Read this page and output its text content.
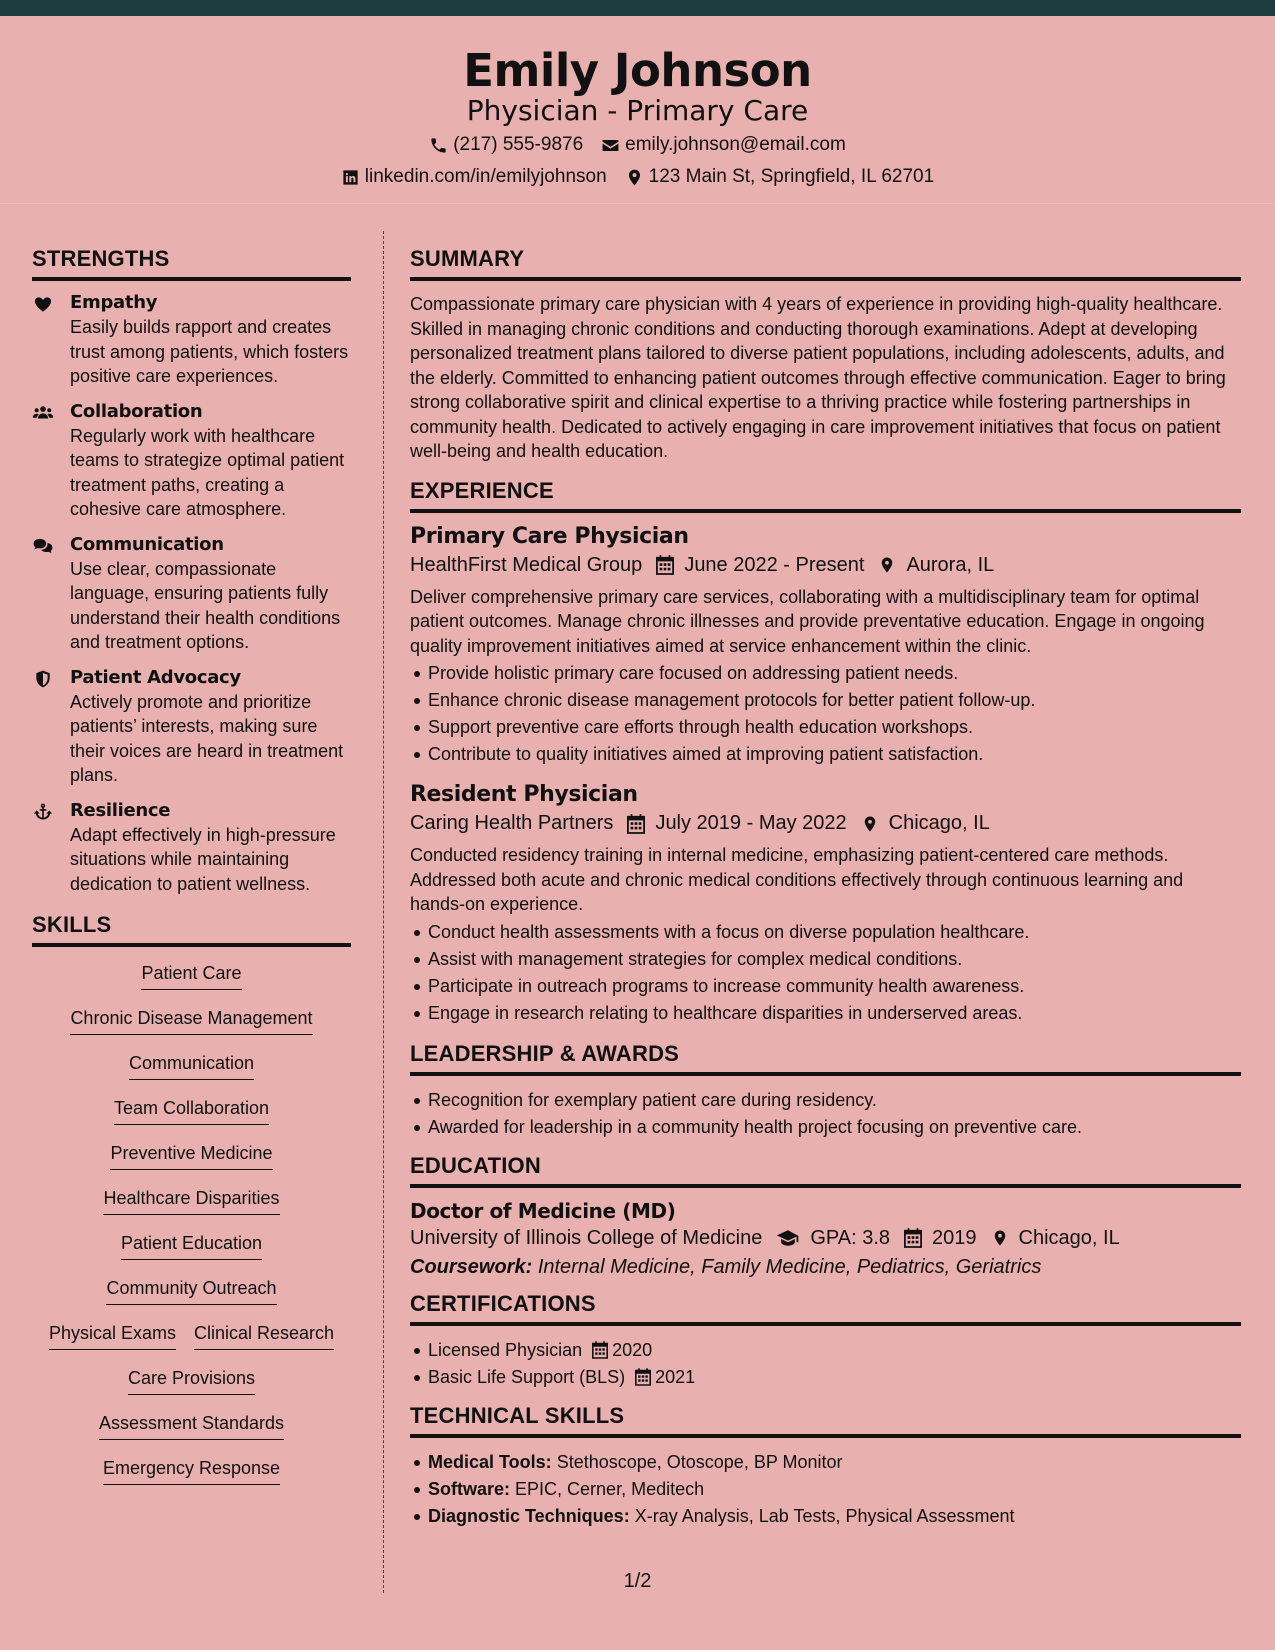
Emily Johnson
Physician - Primary Care
(217) 555-9876 emily.johnson@email.com
linkedin.com/in/emilyjohnson 123 Main St, Springfield, IL 62701
STRENGTHS
Empathy
Easily builds rapport and creates trust among patients, which fosters positive care experiences.
Collaboration
Regularly work with healthcare teams to strategize optimal patient treatment paths, creating a cohesive care atmosphere.
Communication
Use clear, compassionate language, ensuring patients fully understand their health conditions and treatment options.
Patient Advocacy
Actively promote and prioritize patients’ interests, making sure their voices are heard in treatment plans.
Resilience
Adapt effectively in high-pressure situations while maintaining dedication to patient wellness.
SKILLS
Patient Care
Chronic Disease Management
Communication
Team Collaboration
Preventive Medicine
Healthcare Disparities
Patient Education
Community Outreach
Physical Exams Clinical Research
Care Provisions
Assessment Standards
Emergency Response
SUMMARY
Compassionate primary care physician with 4 years of experience in providing high-quality healthcare. Skilled in managing chronic conditions and conducting thorough examinations. Adept at developing personalized treatment plans tailored to diverse patient populations, including adolescents, adults, and the elderly. Committed to enhancing patient outcomes through effective communication. Eager to bring strong collaborative spirit and clinical expertise to a thriving practice while fostering partnerships in community health. Dedicated to actively engaging in care improvement initiatives that focus on patient well-being and health education.
EXPERIENCE
Primary Care Physician
HealthFirst Medical Group June 2022 - Present Aurora, IL
Deliver comprehensive primary care services, collaborating with a multidisciplinary team for optimal patient outcomes. Manage chronic illnesses and provide preventative education. Engage in ongoing quality improvement initiatives aimed at service enhancement within the clinic.
Provide holistic primary care focused on addressing patient needs.
Enhance chronic disease management protocols for better patient follow-up.
Support preventive care efforts through health education workshops.
Contribute to quality initiatives aimed at improving patient satisfaction.
Resident Physician
Caring Health Partners July 2019 - May 2022 Chicago, IL
Conducted residency training in internal medicine, emphasizing patient-centered care methods. Addressed both acute and chronic medical conditions effectively through continuous learning and hands-on experience.
Conduct health assessments with a focus on diverse population healthcare.
Assist with management strategies for complex medical conditions.
Participate in outreach programs to increase community health awareness.
Engage in research relating to healthcare disparities in underserved areas.
LEADERSHIP & AWARDS
Recognition for exemplary patient care during residency.
Awarded for leadership in a community health project focusing on preventive care.
EDUCATION
Doctor of Medicine (MD)
University of Illinois College of Medicine GPA: 3.8 2019 Chicago, IL
Coursework: Internal Medicine, Family Medicine, Pediatrics, Geriatrics
CERTIFICATIONS
Licensed Physician 2020
Basic Life Support (BLS) 2021
TECHNICAL SKILLS
Medical Tools: Stethoscope, Otoscope, BP Monitor
Software: EPIC, Cerner, Meditech
Diagnostic Techniques: X-ray Analysis, Lab Tests, Physical Assessment
1/2
